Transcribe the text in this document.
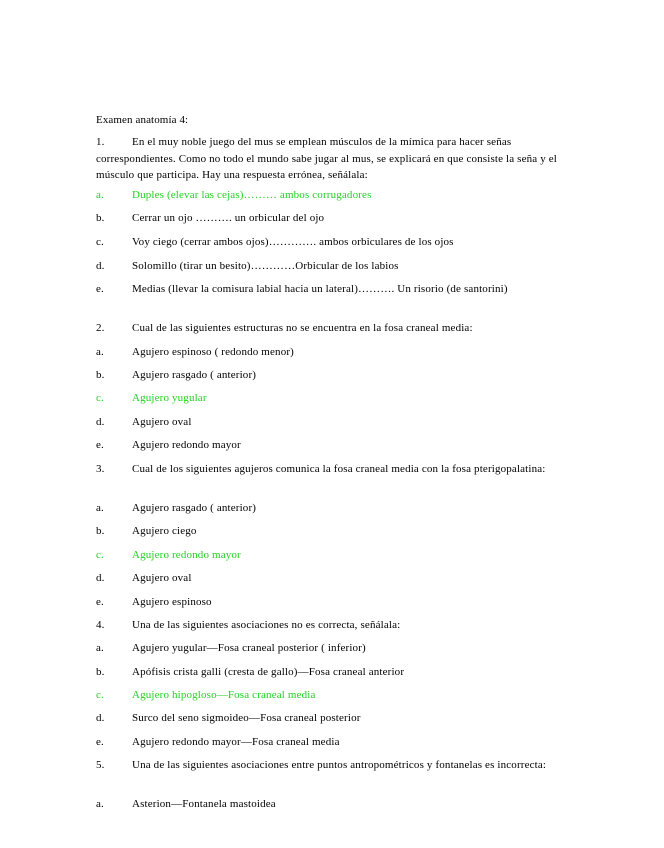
Examen anatomía 4:
1. En el muy noble juego del mus se emplean músculos de la mímica para hacer señas correspondientes. Como no todo el mundo sabe jugar al mus, se explicará en que consiste la seña y el músculo que participa. Hay una respuesta errónea, señálala:
a.	Duples (elevar las cejas)……… ambos corrugadores
b. Cerrar un ojo ………. un orbicular del ojo
c.	Voy ciego (cerrar ambos ojos)…………. ambos orbiculares de los ojos
d. Solomillo (tirar un besito)…………Orbicular de los labios
e.	Medias (llevar la comisura labial hacia un lateral)………. Un risorio (de santorini)
2. Cual de las siguientes estructuras no se encuentra en la fosa craneal media:
a.	Agujero espinoso ( redondo menor)
b. Agujero rasgado ( anterior)
c.	Agujero yugular
d. Agujero oval
e.	Agujero redondo mayor
3. Cual de los siguientes agujeros comunica la fosa craneal media con la fosa pterigopalatina:
a.	Agujero rasgado ( anterior)
b. Agujero ciego
c.	Agujero redondo mayor
d. Agujero oval
e.	Agujero espinoso
4. Una de las siguientes asociaciones no es correcta, señálala:
a.	Agujero yugular—Fosa craneal posterior ( inferior)
b. Apófisis crista galli (cresta de gallo)—Fosa craneal anterior
c.	Agujero hipogloso—Fosa craneal media
d. Surco del seno sigmoideo—Fosa craneal posterior
e.	Agujero redondo mayor—Fosa craneal media
5. Una de las siguientes asociaciones entre puntos antropométricos y fontanelas es incorrecta:
a.	Asterion—Fontanela mastoidea
